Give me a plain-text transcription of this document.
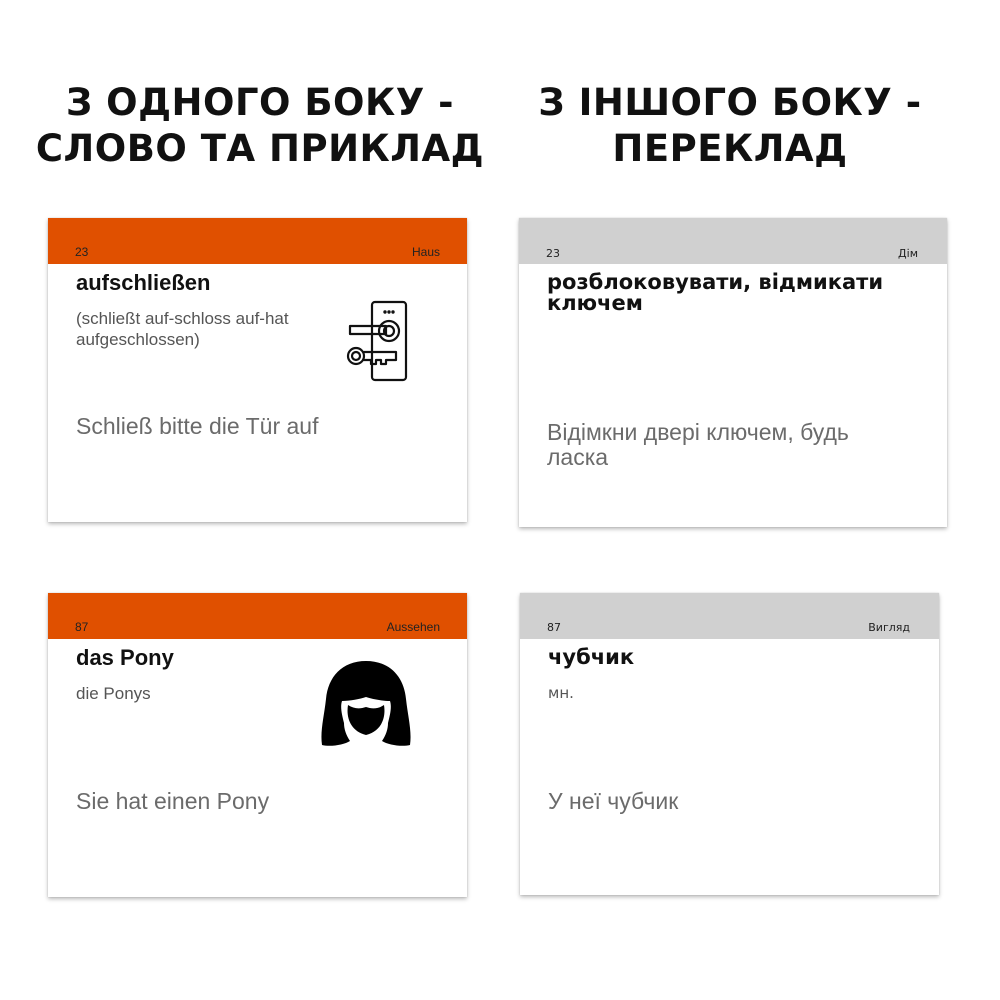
З ОДНОГО БОКУ -
СЛОВО ТА ПРИКЛАД
З ІНШОГО БОКУ -
ПЕРЕКЛАД
23	Haus
aufschließen
(schließt auf-schloss auf-hat aufgeschlossen)
Schließ bitte die Tür auf
23	Дім
розблоковувати, відмикати ключем
Відімкни двері ключем, будь ласка
87	Aussehen
das Pony
die Ponys
Sie hat einen Pony
87	Вигляд
чубчик
мн.
У неї чубчик
